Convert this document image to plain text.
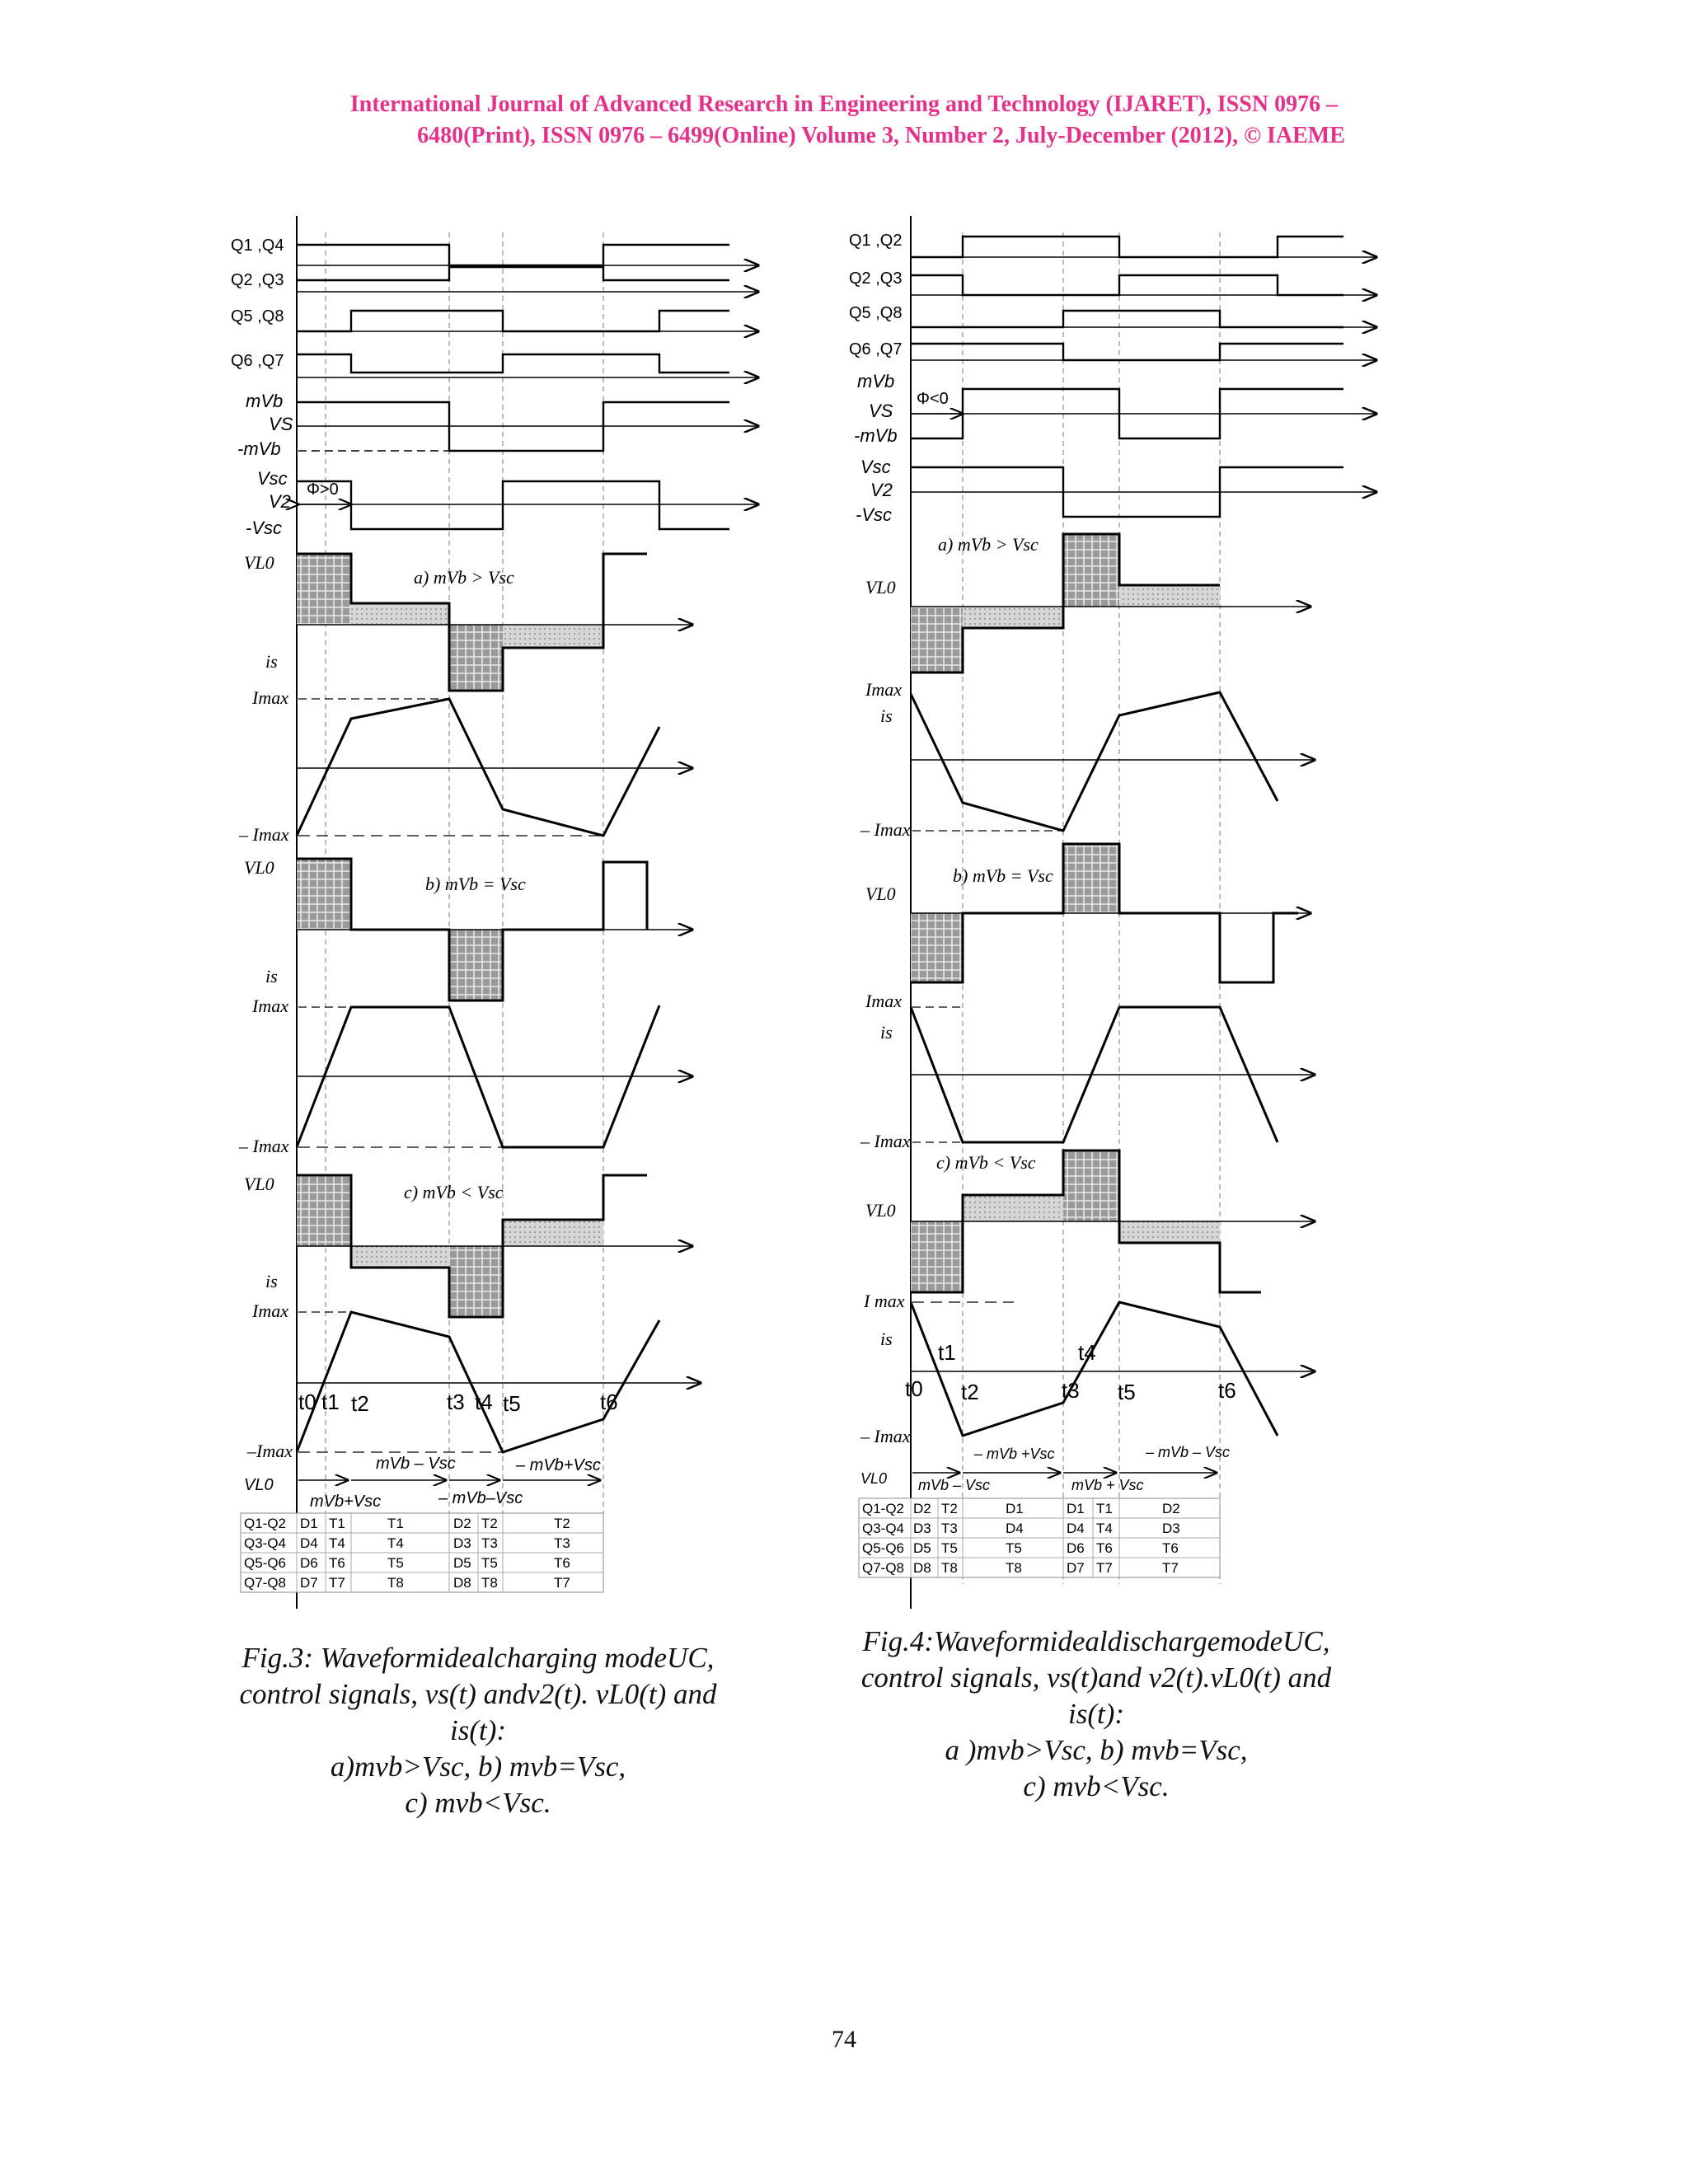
International Journal of Advanced Research in Engineering and Technology (IJARET), ISSN 0976 –
6480(Print), ISSN 0976 – 6499(Online) Volume 3, Number 2, July-December (2012), © IAEME
Q1 ,Q4
Q2 ,Q3
Q5 ,Q8
Q6 ,Q7
mVb
VS
-mVb
Φ>0
Vsc
V2
-Vsc
VL0
a) mVb > Vsc
is
Imax
– Imax
VL0
b) mVb = Vsc
is
Imax
– Imax
VL0	c) mVb < Vsc
is
Imax
–Imax
t0 t1 t2	t3 t4 t5	t6
VL0
mVb+Vsc
mVb – Vsc
– mVb–Vsc
– mVb+Vsc
Q1-Q2 D1 T1	T1	D2 T2	T2
Q3-Q4 D4 T4	T4	D3 T3	T3
Q5-Q6 D6 T6	T5	D5 T5	T6
Q7-Q8 D7 T7	T8	D8 T8	T7
Q1 ,Q2
Q2 ,Q3
Q5 ,Q8
Q6 ,Q7
Φ<0
mVb
VS
-mVb
Vsc
V2
-Vsc
a) mVb > Vsc
VL0
Imax
is
– Imax
b) mVb = Vsc
VL0
Imax
is
– Imax
c) mVb < Vsc
VL0
I max
is
– Imax
t0
t1
t2	t3
t4
t5	t6
VL0
– mVb +Vsc
mVb – Vsc
– mVb – Vsc
mVb + Vsc
Q1-Q2 D2 T2	D1	D1 T1	D2
Q3-Q4 D3 T3	D4	D4 T4	D3
Q5-Q6 D5 T5	T5	D6 T6	T6
Q7-Q8 D8 T8	T8	D7 T7	T7
Fig.3: Waveformidealcharging modeUC,
control signals, vs(t) andv2(t). vL0(t) and
is(t):
a)mvb>Vsc, b) mvb=Vsc,
c) mvb<Vsc.
Fig.4:WaveformidealdischargemodeUC,
control signals, vs(t)and v2(t).vL0(t) and
is(t):
a )mvb>Vsc, b) mvb=Vsc,
c) mvb<Vsc.
74
